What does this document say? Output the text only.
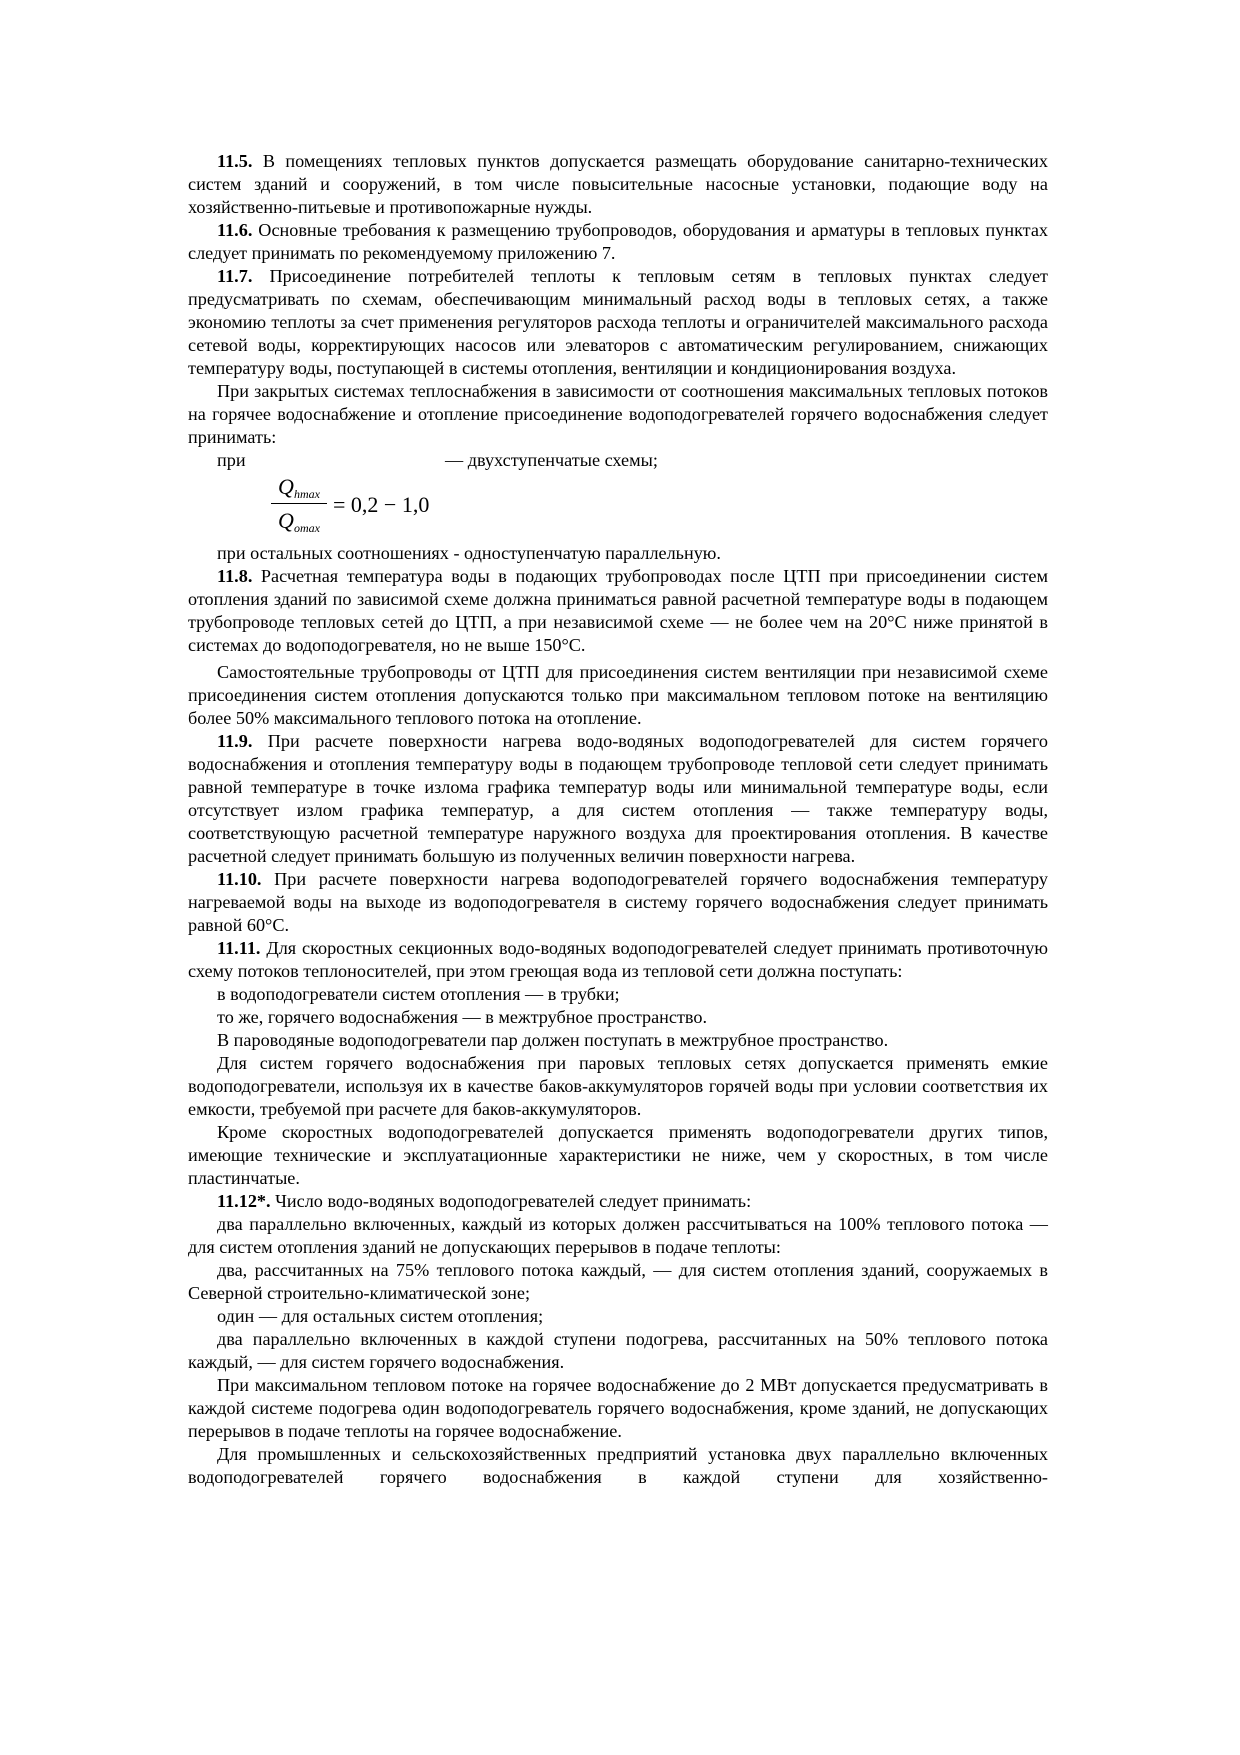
11.5. В помещениях тепловых пунктов допускается размещать оборудование санитарно-технических систем зданий и сооружений, в том числе повысительные насосные установки, подающие воду на хозяйственно-питьевые и противопожарные нужды.

11.6. Основные требования к размещению трубопроводов, оборудования и арматуры в тепловых пунктах следует принимать по рекомендуемому приложению 7.

11.7. Присоединение потребителей теплоты к тепловым сетям в тепловых пунктах следует предусматривать по схемам, обеспечивающим минимальный расход воды в тепловых сетях, а также экономию теплоты за счет применения регуляторов расхода теплоты и ограничителей максимального расхода сетевой воды, корректирующих насосов или элеваторов с автоматическим регулированием, снижающих температуру воды, поступающей в системы отопления, вентиляции и кондиционирования воздуха.

При закрытых системах теплоснабжения в зависимости от соотношения максимальных тепловых потоков на горячее водоснабжение и отопление присоединение водоподогревателей горячего водоснабжения следует принимать:

при	— двухступенчатые схемы;
$Q_{hmax}$
$Q_{omax}$
= 0,2 − 1,0

при остальных соотношениях - одноступенчатую параллельную.

11.8. Расчетная температура воды в подающих трубопроводах после ЦТП при присоединении систем отопления зданий по зависимой схеме должна приниматься равной расчетной температуре воды в подающем трубопроводе тепловых сетей до ЦТП, а при независимой схеме — не более чем на 20°С ниже принятой в системах до водоподогревателя, но не выше 150°С.

Самостоятельные трубопроводы от ЦТП для присоединения систем вентиляции при независимой схеме присоединения систем отопления допускаются только при максимальном тепловом потоке на вентиляцию более 50% максимального теплового потока на отопление.

11.9. При расчете поверхности нагрева водо-водяных водоподогревателей для систем горячего водоснабжения и отопления температуру воды в подающем трубопроводе тепловой сети следует принимать равной температуре в точке излома графика температур воды или минимальной температуре воды, если отсутствует излом графика температур, а для систем отопления — также температуру воды, соответствующую расчетной температуре наружного воздуха для проектирования отопления. В качестве расчетной следует принимать большую из полученных величин поверхности нагрева.

11.10. При расчете поверхности нагрева водоподогревателей горячего водоснабжения температуру нагреваемой воды на выходе из водоподогревателя в систему горячего водоснабжения следует принимать равной 60°С.

11.11. Для скоростных секционных водо-водяных водоподогревателей следует принимать противоточную схему потоков теплоносителей, при этом греющая вода из тепловой сети должна поступать:

в водоподогреватели систем отопления — в трубки;

то же, горячего водоснабжения — в межтрубное пространство.

В пароводяные водоподогреватели пар должен поступать в межтрубное пространство.

Для систем горячего водоснабжения при паровых тепловых сетях допускается применять емкие водоподогреватели, используя их в качестве баков-аккумуляторов горячей воды при условии соответствия их емкости, требуемой при расчете для баков-аккумуляторов.

Кроме скоростных водоподогревателей допускается применять водоподогреватели других типов, имеющие технические и эксплуатационные характеристики не ниже, чем у скоростных, в том числе пластинчатые.

11.12*. Число водо-водяных водоподогревателей следует принимать:

два параллельно включенных, каждый из которых должен рассчитываться на 100% теплового потока — для систем отопления зданий не допускающих перерывов в подаче теплоты:

два, рассчитанных на 75% теплового потока каждый, — для систем отопления зданий, сооружаемых в Северной строительно-климатической зоне;

один — для остальных систем отопления;

два параллельно включенных в каждой ступени подогрева, рассчитанных на 50% теплового потока каждый, — для систем горячего водоснабжения.

При максимальном тепловом потоке на горячее водоснабжение до 2 МВт допускается предусматривать в каждой системе подогрева один водоподогреватель горячего водоснабжения, кроме зданий, не допускающих перерывов в подаче теплоты на горячее водоснабжение.

Для промышленных и сельскохозяйственных предприятий установка двух параллельно включенных водоподогревателей горячего водоснабжения в каждой ступени для хозяйственно-
